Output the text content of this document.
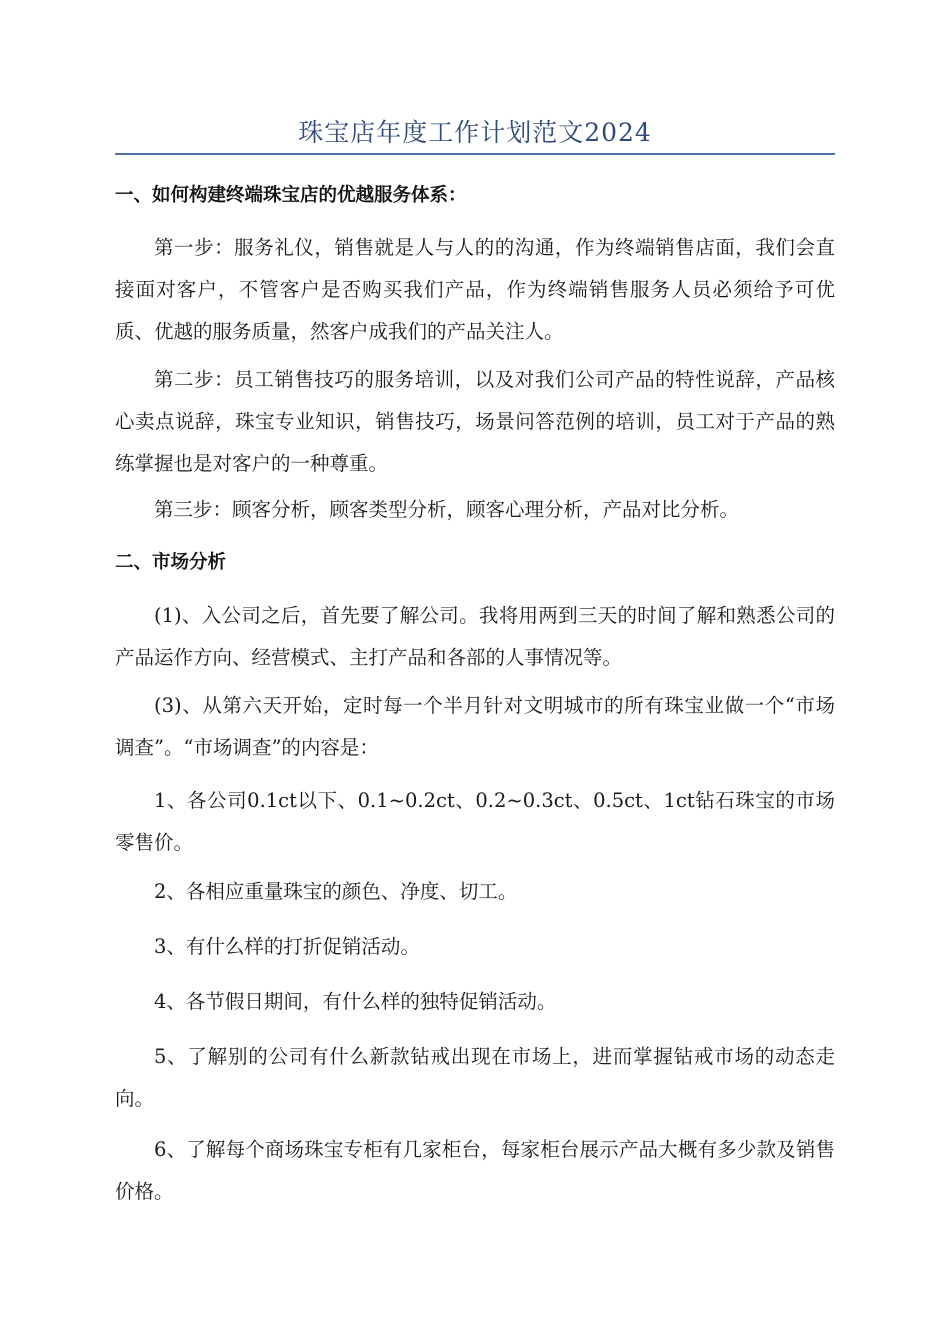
珠宝店年度工作计划范文2024
一、如何构建终端珠宝店的优越服务体系：
第一步：服务礼仪，销售就是人与人的的沟通，作为终端销售店面，我们会直接面对客户，不管客户是否购买我们产品，作为终端销售服务人员必须给予可优质、优越的服务质量，然客户成我们的产品关注人。
第二步：员工销售技巧的服务培训，以及对我们公司产品的特性说辞，产品核心卖点说辞，珠宝专业知识，销售技巧，场景问答范例的培训，员工对于产品的熟练掌握也是对客户的一种尊重。
第三步：顾客分析，顾客类型分析，顾客心理分析，产品对比分析。
二、市场分析
(1)、入公司之后，首先要了解公司。我将用两到三天的时间了解和熟悉公司的产品运作方向、经营模式、主打产品和各部的人事情况等。
(3)、从第六天开始，定时每一个半月针对文明城市的所有珠宝业做一个“市场调查”。“市场调查”的内容是：
1、各公司0.1ct以下、0.1~0.2ct、0.2~0.3ct、0.5ct、1ct钻石珠宝的市场零售价。
2、各相应重量珠宝的颜色、净度、切工。
3、有什么样的打折促销活动。
4、各节假日期间，有什么样的独特促销活动。
5、了解别的公司有什么新款钻戒出现在市场上，进而掌握钻戒市场的动态走向。
6、了解每个商场珠宝专柜有几家柜台，每家柜台展示产品大概有多少款及销售价格。
